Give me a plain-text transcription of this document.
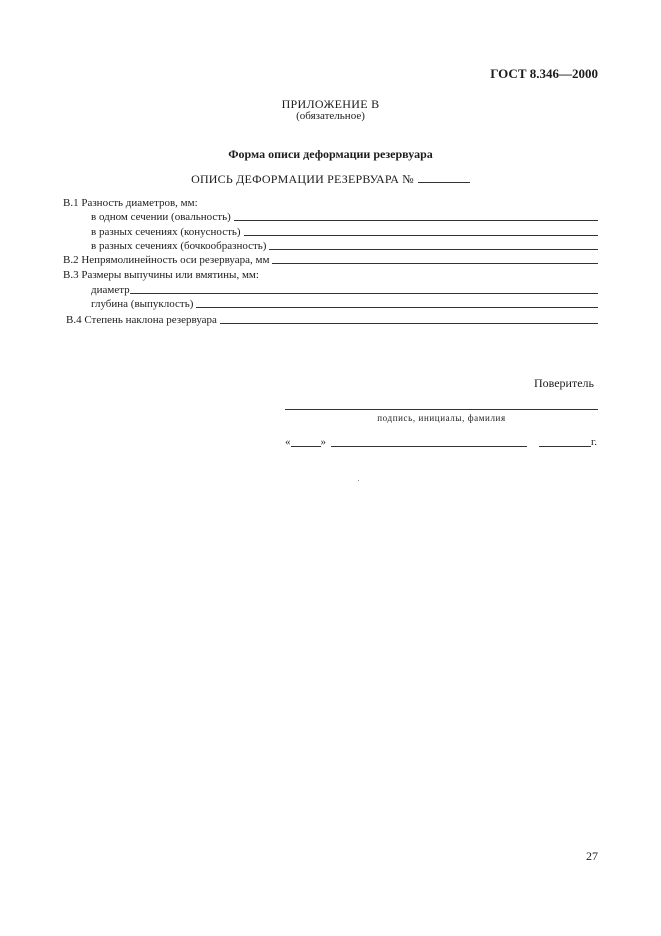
ГОСТ 8.346—2000
ПРИЛОЖЕНИЕ В
(обязательное)
Форма описи деформации резервуара
ОПИСЬ ДЕФОРМАЦИИ РЕЗЕРВУАРА №
В.1 Разность диаметров, мм:
в одном сечении (овальность)
в разных сечениях (конусность)
в разных сечениях (бочкообразность)
В.2 Непрямолинейность оси резервуара, мм
В.3 Размеры выпучины или вмятины, мм:
диаметр
глубина (выпуклость)
В.4 Степень наклона резервуара
Поверитель
подпись, инициалы, фамилия
«	»	г.
27
